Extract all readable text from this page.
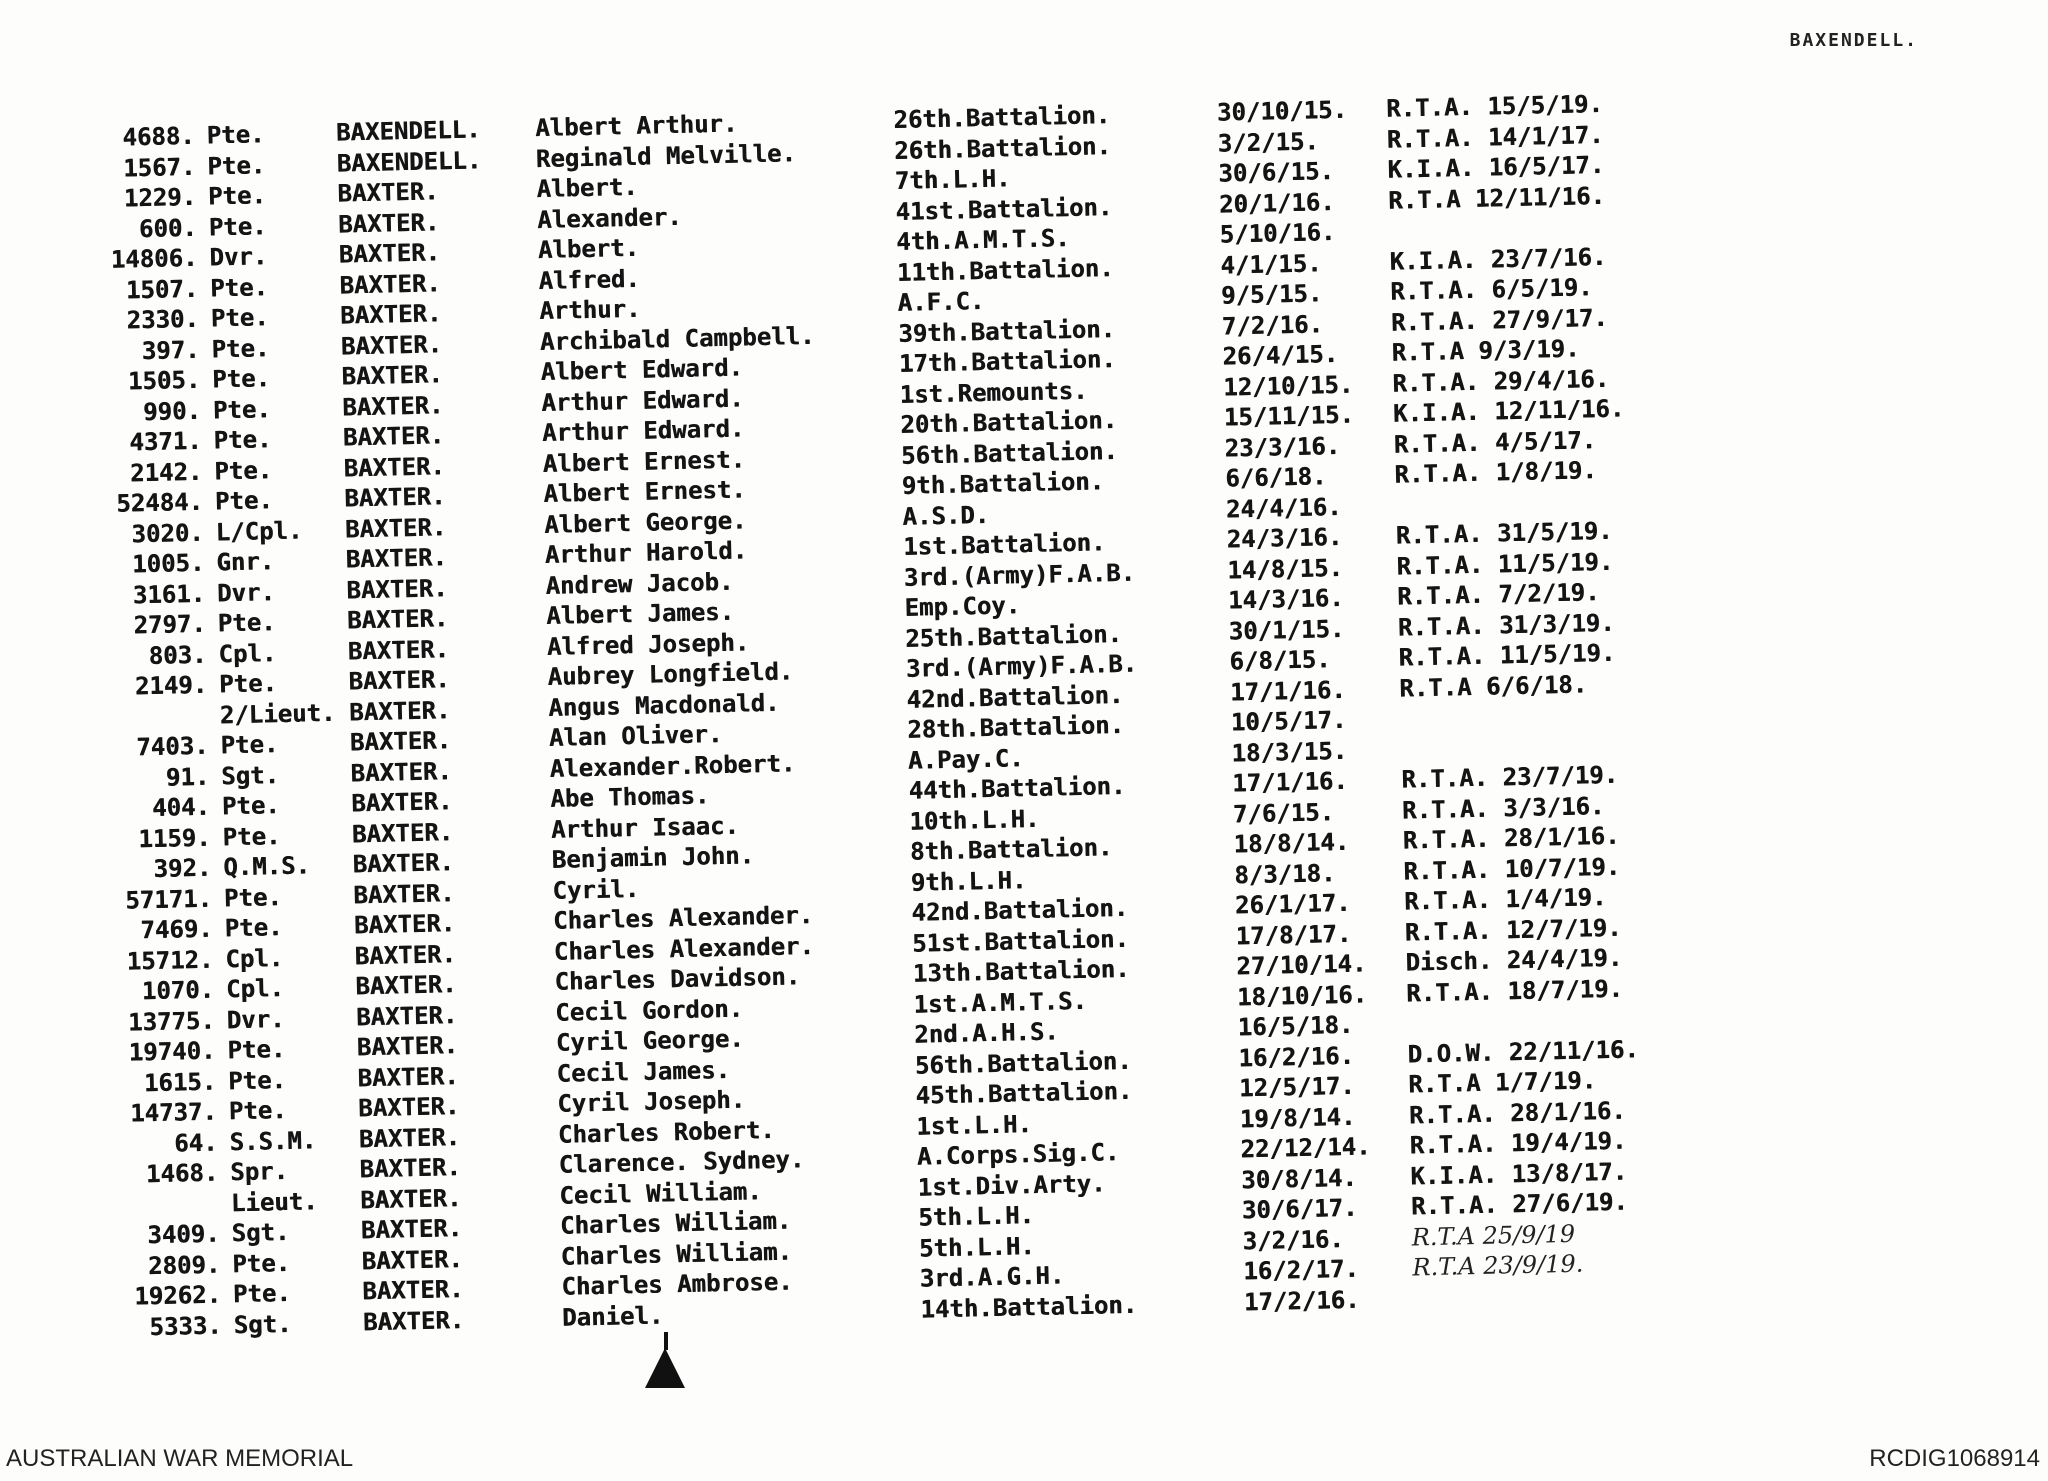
BAXENDELL.
4688. Pte.	BAXENDELL.	Albert Arthur.	26th.Battalion.	30/10/15.	R.T.A. 15/5/19.
1567. Pte.	BAXENDELL.	Reginald Melville.	26th.Battalion.	3/2/15.	R.T.A. 14/1/17.
1229. Pte.	BAXTER.	Albert.	7th.L.H.	30/6/15.	K.I.A. 16/5/17.
600. Pte.	BAXTER.	Alexander.	41st.Battalion.	20/1/16.	R.T.A 12/11/16.
14806. Dvr.	BAXTER.	Albert.	4th.A.M.T.S.	5/10/16.
1507. Pte.	BAXTER.	Alfred.	11th.Battalion.	4/1/15.	K.I.A. 23/7/16.
2330. Pte.	BAXTER.	Arthur.	A.F.C.	9/5/15.	R.T.A. 6/5/19.
397. Pte.	BAXTER.	Archibald Campbell.	39th.Battalion.	7/2/16.	R.T.A. 27/9/17.
1505. Pte.	BAXTER.	Albert Edward.	17th.Battalion.	26/4/15.	R.T.A 9/3/19.
990. Pte.	BAXTER.	Arthur Edward.	1st.Remounts.	12/10/15.	R.T.A. 29/4/16.
4371. Pte.	BAXTER.	Arthur Edward.	20th.Battalion.	15/11/15.	K.I.A. 12/11/16.
2142. Pte.	BAXTER.	Albert Ernest.	56th.Battalion.	23/3/16.	R.T.A. 4/5/17.
52484. Pte.	BAXTER.	Albert Ernest.	9th.Battalion.	6/6/18.	R.T.A. 1/8/19.
3020. L/Cpl.	BAXTER.	Albert George.	A.S.D.	24/4/16.
1005. Gnr.	BAXTER.	Arthur Harold.	1st.Battalion.	24/3/16.	R.T.A. 31/5/19.
3161. Dvr.	BAXTER.	Andrew Jacob.	3rd.(Army)F.A.B.	14/8/15.	R.T.A. 11/5/19.
2797. Pte.	BAXTER.	Albert James.	Emp.Coy.	14/3/16.	R.T.A. 7/2/19.
803. Cpl.	BAXTER.	Alfred Joseph.	25th.Battalion.	30/1/15.	R.T.A. 31/3/19.
2149. Pte.	BAXTER.	Aubrey Longfield.	3rd.(Army)F.A.B.	6/8/15.	R.T.A. 11/5/19.
2/Lieut. BAXTER.	Angus Macdonald.	42nd.Battalion.	17/1/16.	R.T.A 6/6/18.
7403. Pte.	BAXTER.	Alan Oliver.	28th.Battalion.	10/5/17.
91. Sgt.	BAXTER.	Alexander.Robert.	A.Pay.C.	18/3/15.
404. Pte.	BAXTER.	Abe Thomas.	44th.Battalion.	17/1/16.	R.T.A. 23/7/19.
1159. Pte.	BAXTER.	Arthur Isaac.	10th.L.H.	7/6/15.	R.T.A. 3/3/16.
392. Q.M.S.	BAXTER.	Benjamin John.	8th.Battalion.	18/8/14.	R.T.A. 28/1/16.
57171. Pte.	BAXTER.	Cyril.	9th.L.H.	8/3/18.	R.T.A. 10/7/19.
7469. Pte.	BAXTER.	Charles Alexander.	42nd.Battalion.	26/1/17.	R.T.A. 1/4/19.
15712. Cpl.	BAXTER.	Charles Alexander.	51st.Battalion.	17/8/17.	R.T.A. 12/7/19.
1070. Cpl.	BAXTER.	Charles Davidson.	13th.Battalion.	27/10/14.	Disch. 24/4/19.
13775. Dvr.	BAXTER.	Cecil Gordon.	1st.A.M.T.S.	18/10/16.	R.T.A. 18/7/19.
19740. Pte.	BAXTER.	Cyril George.	2nd.A.H.S.	16/5/18.
1615. Pte.	BAXTER.	Cecil James.	56th.Battalion.	16/2/16.	D.O.W. 22/11/16.
14737. Pte.	BAXTER.	Cyril Joseph.	45th.Battalion.	12/5/17.	R.T.A 1/7/19.
64. S.S.M.	BAXTER.	Charles Robert.	1st.L.H.	19/8/14.	R.T.A. 28/1/16.
1468. Spr.	BAXTER.	Clarence. Sydney.	A.Corps.Sig.C.	22/12/14.	R.T.A. 19/4/19.
Lieut.	BAXTER.	Cecil William.	1st.Div.Arty.	30/8/14.	K.I.A. 13/8/17.
3409. Sgt.	BAXTER.	Charles William.	5th.L.H.	30/6/17.	R.T.A. 27/6/19.
2809. Pte.	BAXTER.	Charles William.	5th.L.H.	3/2/16.	R.T.A 25/9/19
19262. Pte.	BAXTER.	Charles Ambrose.	3rd.A.G.H.	16/2/17.	R.T.A 23/9/19.
5333. Sgt.	BAXTER.	Daniel.	14th.Battalion.	17/2/16.
AUSTRALIAN WAR MEMORIAL	RCDIG1068914
